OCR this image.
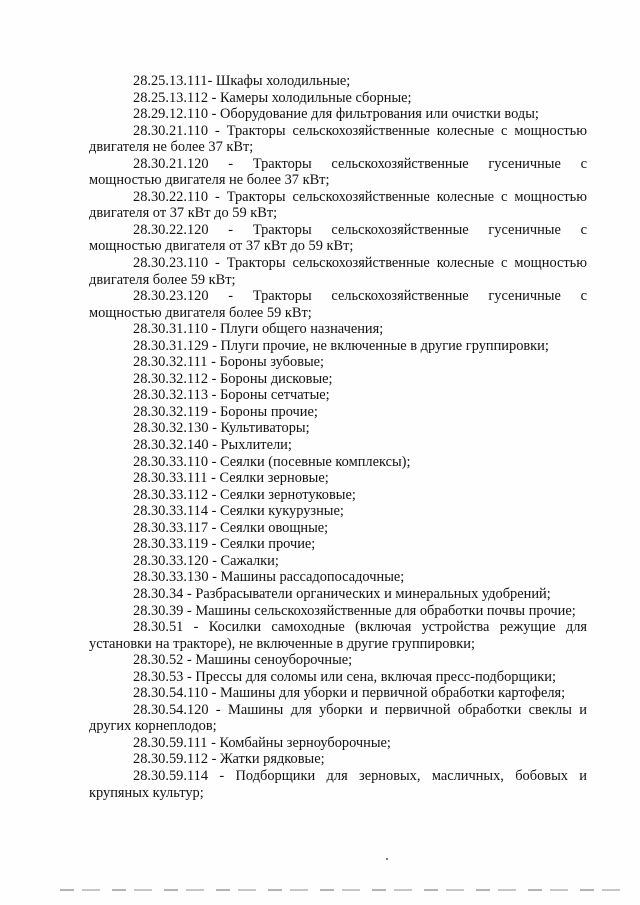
28.25.13.111- Шкафы холодильные;

28.25.13.112 - Камеры холодильные сборные;

28.29.12.110 - Оборудование для фильтрования или очистки воды;

28.30.21.110 - Тракторы сельскохозяйственные колесные с мощностью
двигателя не более 37 кВт;

28.30.21.120 - Тракторы сельскохозяйственные гусеничные с
мощностью двигателя не более 37 кВт;

28.30.22.110 - Тракторы сельскохозяйственные колесные с мощностью
двигателя от 37 кВт до 59 кВт;

28.30.22.120 - Тракторы сельскохозяйственные гусеничные с
мощностью двигателя от 37 кВт до 59 кВт;

28.30.23.110 - Тракторы сельскохозяйственные колесные с мощностью
двигателя более 59 кВт;

28.30.23.120 - Тракторы сельскохозяйственные гусеничные с
мощностью двигателя более 59 кВт;

28.30.31.110 - Плуги общего назначения;

28.30.31.129 - Плуги прочие, не включенные в другие группировки;

28.30.32.111 - Бороны зубовые;

28.30.32.112 - Бороны дисковые;

28.30.32.113 - Бороны сетчатые;

28.30.32.119 - Бороны прочие;

28.30.32.130 - Культиваторы;

28.30.32.140 - Рыхлители;

28.30.33.110 - Сеялки (посевные комплексы);

28.30.33.111 - Сеялки зерновые;

28.30.33.112 - Сеялки зернотуковые;

28.30.33.114 - Сеялки кукурузные;

28.30.33.117 - Сеялки овощные;

28.30.33.119 - Сеялки прочие;

28.30.33.120 - Сажалки;

28.30.33.130 - Машины рассадопосадочные;

28.30.34 - Разбрасыватели органических и минеральных удобрений;

28.30.39 - Машины сельскохозяйственные для обработки почвы прочие;

28.30.51 - Косилки самоходные (включая устройства режущие для
установки на тракторе), не включенные в другие группировки;

28.30.52 - Машины сеноуборочные;

28.30.53 - Прессы для соломы или сена, включая пресс-подборщики;

28.30.54.110 - Машины для уборки и первичной обработки картофеля;

28.30.54.120 - Машины для уборки и первичной обработки свеклы и
других корнеплодов;

28.30.59.111 - Комбайны зерноуборочные;

28.30.59.112 - Жатки рядковые;

28.30.59.114 - Подборщики для зерновых, масличных, бобовых и
крупяных культур;
